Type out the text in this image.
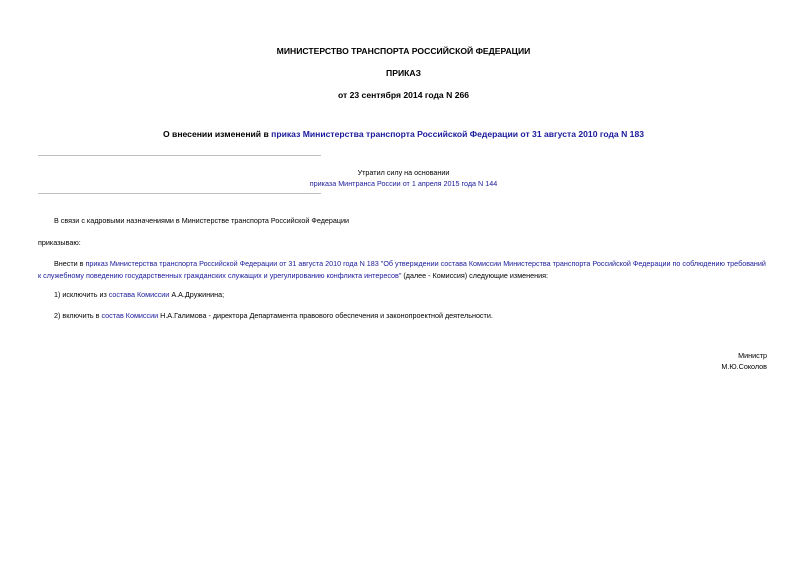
МИНИСТЕРСТВО ТРАНСПОРТА РОССИЙСКОЙ ФЕДЕРАЦИИ
ПРИКАЗ
от 23 сентября 2014 года N 266
О внесении изменений в приказ Министерства транспорта Российской Федерации от 31 августа 2010 года N 183
Утратил силу на основании
приказа Минтранса России от 1 апреля 2015 года N 144
В связи с кадровыми назначениями в Министерстве транспорта Российской Федерации
приказываю:
Внести в приказ Министерства транспорта Российской Федерации от 31 августа 2010 года N 183 "Об утверждении состава Комиссии Министерства транспорта Российской Федерации по соблюдению требований
к служебному поведению государственных гражданских служащих и урегулированию конфликта интересов" (далее - Комиссия) следующие изменения:
1) исключить из состава Комиссии А.А.Дружинина;
2) включить в состав Комиссии Н.А.Галимова - директора Департамента правового обеспечения и законопроектной деятельности.
Министр
М.Ю.Соколов
